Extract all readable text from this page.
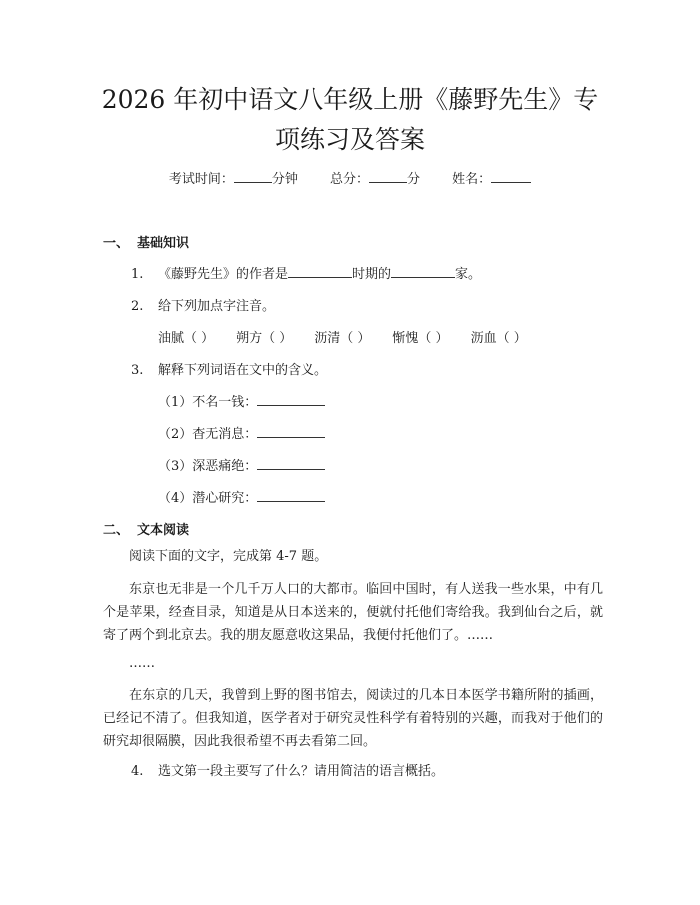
2026 年初中语文八年级上册《藤野先生》专
项练习及答案
考试时间：	分钟 总分：	分 姓名：
一、 基础知识
1. 《藤野先生》的作者是	时期的	家。
2. 给下列加点字注音。
油腻（ ） 朔方（ ） 沥清（ ） 惭愧（ ） 沥血（ ）
3. 解释下列词语在文中的含义。
（1）不名一钱：
（2）杳无消息：
（3）深恶痛绝：
（4）潜心研究：
二、 文本阅读
阅读下面的文字，完成第 4-7 题。
东京也无非是一个几千万人口的大都市。临回中国时，有人送我一些水果，中有几个是苹果，经查目录，知道是从日本送来的，便就付托他们寄给我。我到仙台之后，就寄了两个到北京去。我的朋友愿意收这果品，我便付托他们了。……
……
在东京的几天，我曾到上野的图书馆去，阅读过的几本日本医学书籍所附的插画，已经记不清了。但我知道，医学者对于研究灵性科学有着特别的兴趣，而我对于他们的研究却很隔膜，因此我很希望不再去看第二回。
4. 选文第一段主要写了什么？请用简洁的语言概括。
